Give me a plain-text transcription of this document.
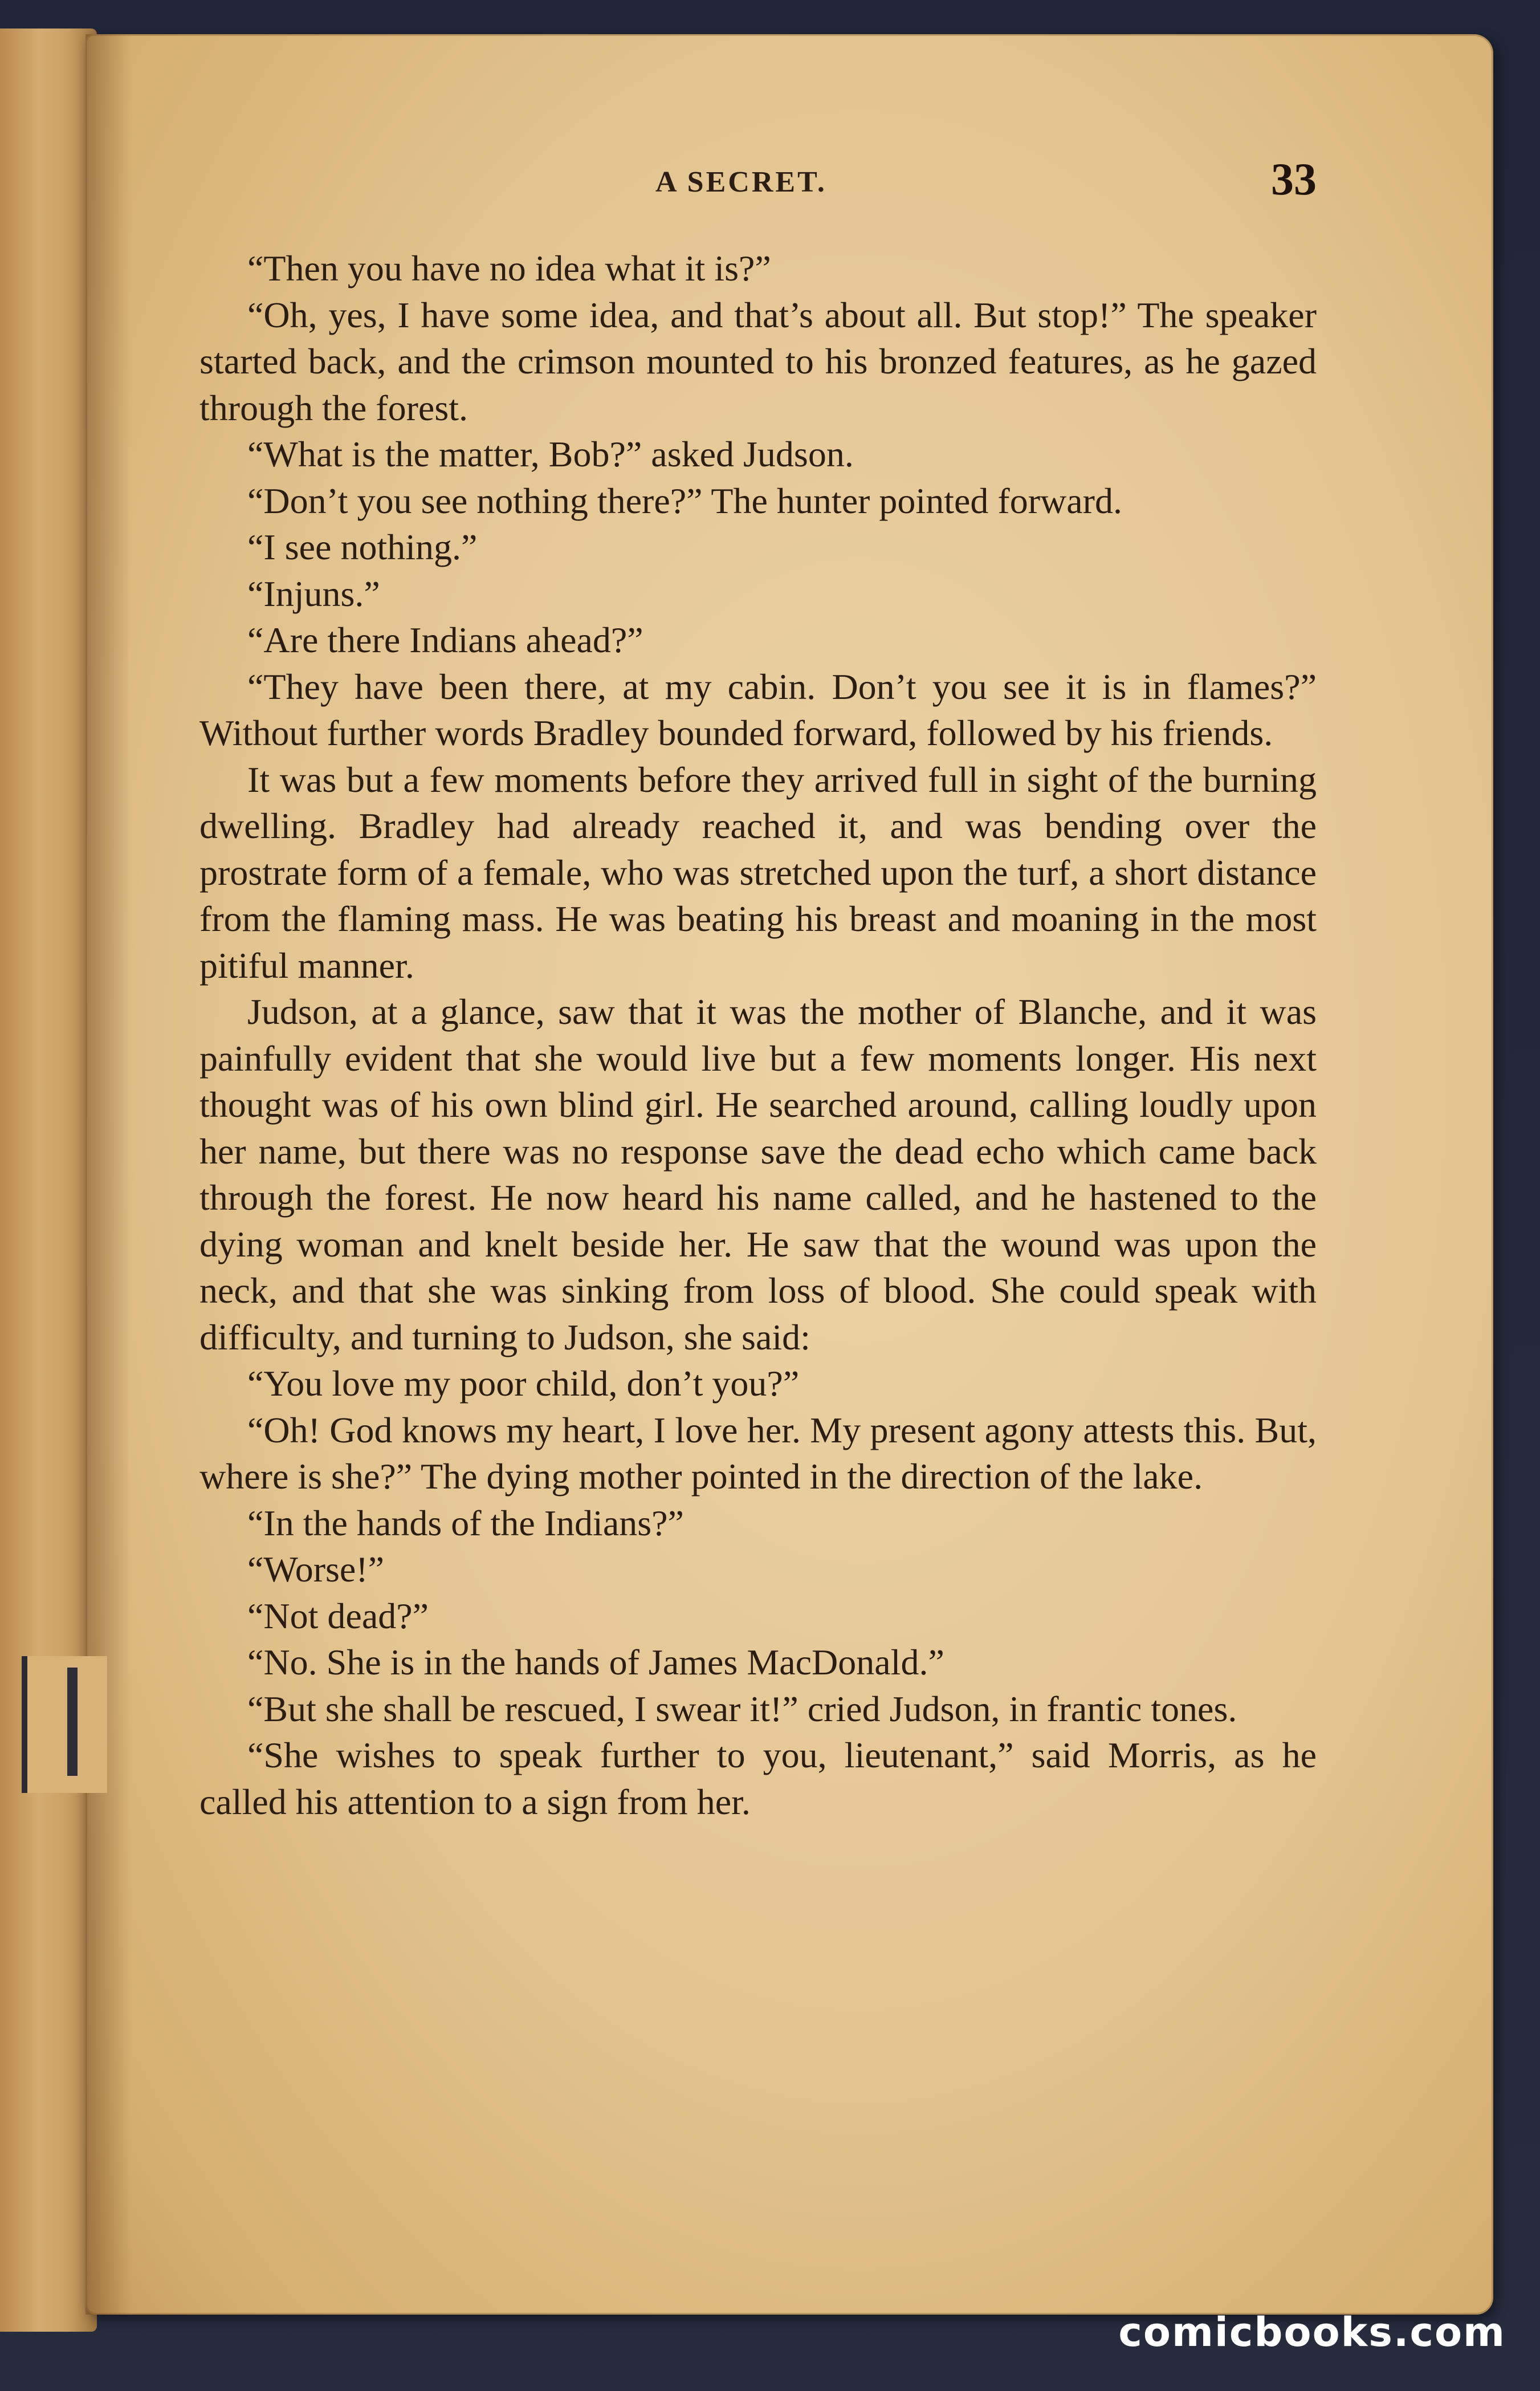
A SECRET.	33

“Then you have no idea what it is?”

“Oh, yes, I have some idea, and that’s about all. But stop!” The speaker started back, and the crimson mounted to his bronzed features, as he gazed through the forest.

“What is the matter, Bob?” asked Judson.

“Don’t you see nothing there?” The hunter pointed forward.

“I see nothing.”

“Injuns.”

“Are there Indians ahead?”

“They have been there, at my cabin. Don’t you see it is in flames?” Without further words Bradley bounded forward, followed by his friends.

It was but a few moments before they arrived full in sight of the burning dwelling. Bradley had already reached it, and was bending over the prostrate form of a female, who was stretched upon the turf, a short distance from the flaming mass. He was beating his breast and moaning in the most pitiful manner.

Judson, at a glance, saw that it was the mother of Blanche, and it was painfully evident that she would live but a few moments longer. His next thought was of his own blind girl. He searched around, calling loudly upon her name, but there was no response save the dead echo which came back through the forest. He now heard his name called, and he hastened to the dying woman and knelt beside her. He saw that the wound was upon the neck, and that she was sinking from loss of blood. She could speak with difficulty, and turning to Judson, she said:

“You love my poor child, don’t you?”

“Oh! God knows my heart, I love her. My present agony attests this. But, where is she?” The dying mother pointed in the direction of the lake.

“In the hands of the Indians?”

“Worse!”

“Not dead?”

“No. She is in the hands of James MacDonald.”

“But she shall be rescued, I swear it!” cried Judson, in frantic tones.

“She wishes to speak further to you, lieutenant,” said Morris, as he called his attention to a sign from her.

comicbooks.com
